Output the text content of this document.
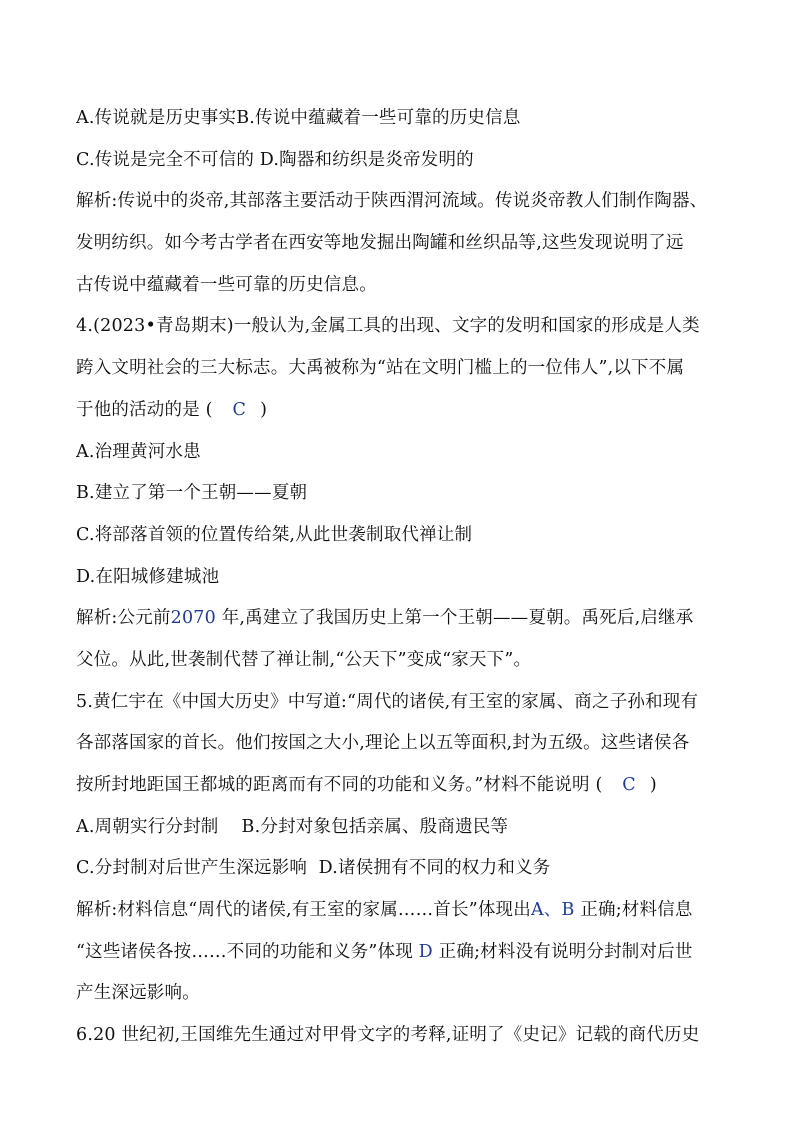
A.传说就是历史事实B.传说中蕴藏着一些可靠的历史信息
C.传说是完全不可信的 D.陶器和纺织是炎帝发明的
解析:传说中的炎帝,其部落主要活动于陕西渭河流域。传说炎帝教人们制作陶器、
发明纺织。如今考古学者在西安等地发掘出陶罐和丝织品等,这些发现说明了远
古传说中蕴藏着一些可靠的历史信息。
4.(2023•青岛期末)一般认为,金属工具的出现、文字的发明和国家的形成是人类
跨入文明社会的三大标志。大禹被称为“站在文明门槛上的一位伟人”,以下不属
于他的活动的是 ( C )
A.治理黄河水患
B.建立了第一个王朝——夏朝
C.将部落首领的位置传给桀,从此世袭制取代禅让制
D.在阳城修建城池
解析:公元前2070 年,禹建立了我国历史上第一个王朝——夏朝。禹死后,启继承
父位。从此,世袭制代替了禅让制,“公天下”变成“家天下”。
5.黄仁宇在《中国大历史》中写道:“周代的诸侯,有王室的家属、商之子孙和现有
各部落国家的首长。他们按国之大小,理论上以五等面积,封为五级。这些诸侯各
按所封地距国王都城的距离而有不同的功能和义务。”材料不能说明 ( C )
A.周朝实行分封制    B.分封对象包括亲属、殷商遗民等
C.分封制对后世产生深远影响  D.诸侯拥有不同的权力和义务
解析:材料信息“周代的诸侯,有王室的家属……首长”体现出A、B 正确;材料信息
“这些诸侯各按……不同的功能和义务”体现 D 正确;材料没有说明分封制对后世
产生深远影响。
6.20 世纪初,王国维先生通过对甲骨文字的考释,证明了《史记》记载的商代历史
